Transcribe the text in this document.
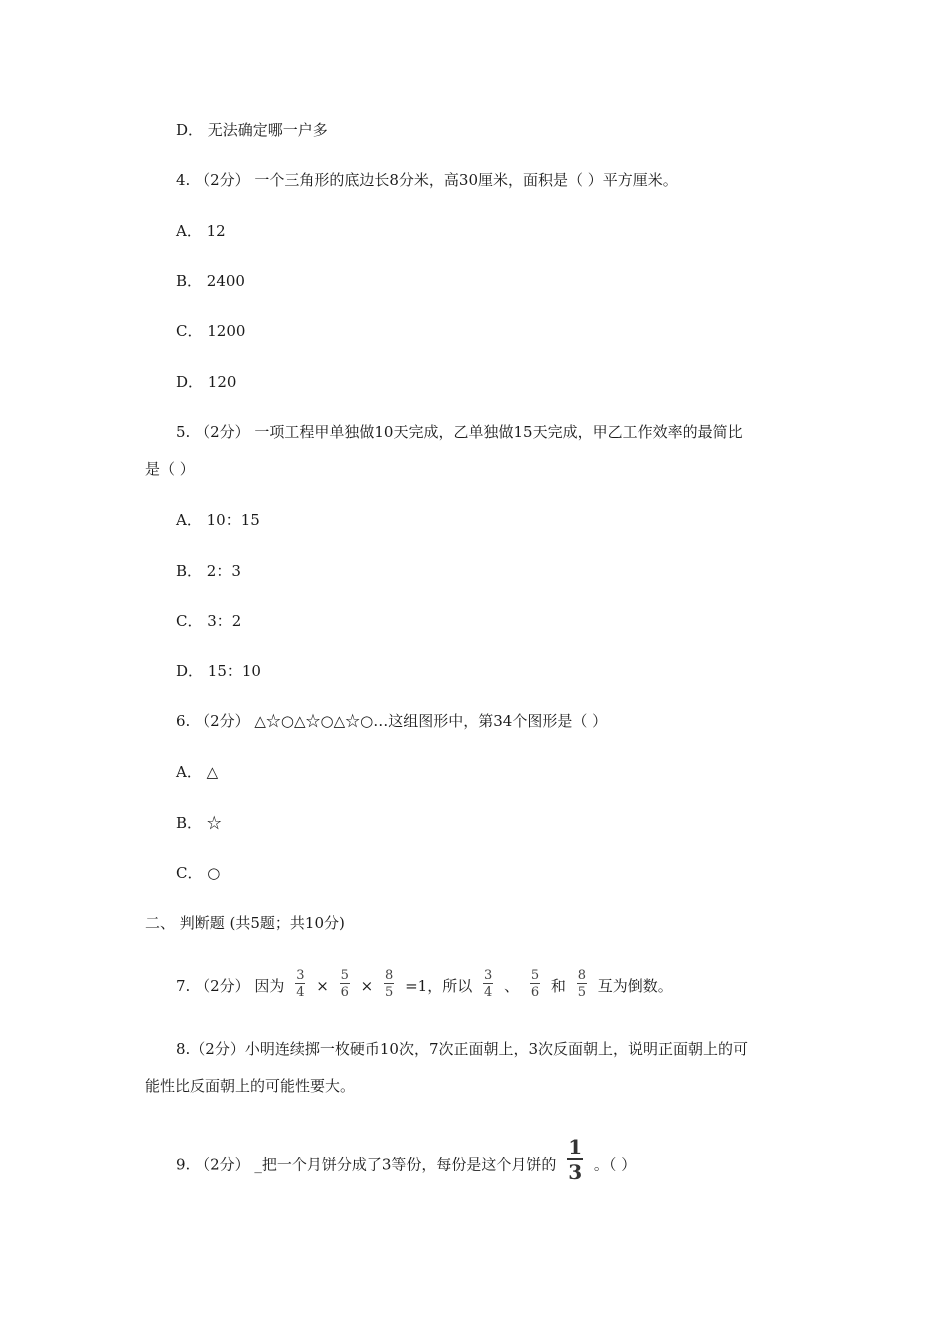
D． 无法确定哪一户多
4. （2分） 一个三角形的底边长8分米，高30厘米，面积是（ ）平方厘米。
A． 12
B． 2400
C． 1200
D． 120
5. （2分） 一项工程甲单独做10天完成，乙单独做15天完成，甲乙工作效率的最简比
是（ ）
A． 10：15
B． 2：3
C． 3：2
D． 15：10
6. （2分） △☆○△☆○△☆○…这组图形中，第34个图形是（ ）
A． △
B． ☆
C． ○
二、 判断题 (共5题；共10分)
7. （2分） 因为 $\frac{3}{4} \times \frac{5}{6} \times \frac{8}{5} =1$，所以 $\frac{3}{4}$ 、 $\frac{5}{6}$ 和 $\frac{8}{5}$ 互为倒数。
8.（2分）小明连续掷一枚硬币10次，7次正面朝上，3次反面朝上，说明正面朝上的可
能性比反面朝上的可能性要大。
9. （2分） _把一个月饼分成了3等份，每份是这个月饼的 $\frac{1}{3}$ 。（ ）
